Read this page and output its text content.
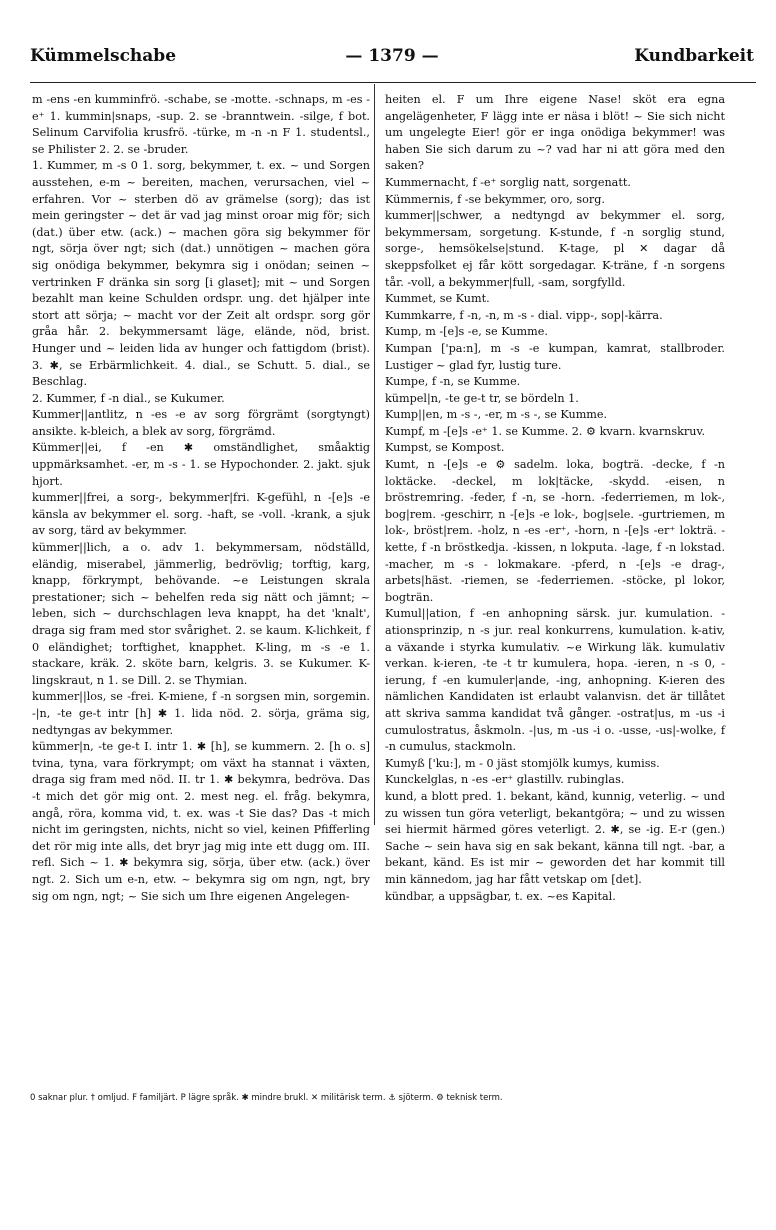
Kümmelschabe	— 1379 —	Kundbarkeit

m -ens -en kumminfrö. -schabe, se -motte. -schnaps, m -es -e⁺ 1. kummin|snaps, -sup. 2. se -branntwein. -silge, f bot. Selinum Carvifolia krusfrö. -türke, m -n -n F 1. studentsl., se Philister 2. 2. se -bruder.

1. Kummer, m -s 0 1. sorg, bekymmer, t. ex. ~ und Sorgen ausstehen, e-m ~ bereiten, machen, verursachen, viel ~ erfahren. Vor ~ sterben dö av grämelse (sorg); das ist mein geringster ~ det är vad jag minst oroar mig för; sich (dat.) über etw. (ack.) ~ machen göra sig bekymmer för ngt, sörja över ngt; sich (dat.) unnötigen ~ machen göra sig onödiga bekymmer, bekymra sig i onödan; seinen ~ vertrinken F dränka sin sorg [i glaset]; mit ~ und Sorgen bezahlt man keine Schulden ordspr. ung. det hjälper inte stort att sörja; ~ macht vor der Zeit alt ordspr. sorg gör gråa hår. 2. bekymmersamt läge, elände, nöd, brist. Hunger und ~ leiden lida av hunger och fattigdom (brist). 3. ✱, se Erbärmlichkeit. 4. dial., se Schutt. 5. dial., se Beschlag.

2. Kummer, f -n dial., se Kukumer.

Kummer||antlitz, n -es -e av sorg förgrämt (sorgtyngt) ansikte. k-bleich, a blek av sorg, förgrämd.

Kümmer||ei, f -en ✱ omständlighet, småaktig uppmärksamhet. -er, m -s - 1. se Hypochonder. 2. jakt. sjuk hjort.

kummer||frei, a sorg-, bekymmer|fri. K-gefühl, n -[e]s -e känsla av bekymmer el. sorg. -haft, se -voll. -krank, a sjuk av sorg, tärd av bekymmer.

kümmer||lich, a o. adv 1. bekymmersam, nödställd, eländig, miserabel, jämmerlig, bedrövlig; torftig, karg, knapp, förkrympt, behövande. ~e Leistungen skrala prestationer; sich ~ behelfen reda sig nätt och jämnt; ~ leben, sich ~ durchschlagen leva knappt, ha det 'knalt', draga sig fram med stor svårighet. 2. se kaum. K-lichkeit, f 0 eländighet; torftighet, knapphet. K-ling, m -s -e 1. stackare, kräk. 2. sköte barn, kelgris. 3. se Kukumer. K-lingskraut, n 1. se Dill. 2. se Thymian.

kummer||los, se -frei. K-miene, f -n sorgsen min, sorgemin. -|n, -te ge-t intr [h] ✱ 1. lida nöd. 2. sörja, gräma sig, nedtyngas av bekymmer.

kümmer|n, -te ge-t I. intr 1. ✱ [h], se kummern. 2. [h o. s] tvina, tyna, vara förkrympt; om växt ha stannat i växten, draga sig fram med nöd. II. tr 1. ✱ bekymra, bedröva. Das -t mich det gör mig ont. 2. mest neg. el. fråg. bekymra, angå, röra, komma vid, t. ex. was -t Sie das? Das -t mich nicht im geringsten, nichts, nicht so viel, keinen Pfifferling det rör mig inte alls, det bryr jag mig inte ett dugg om. III. refl. Sich ~ 1. ✱ bekymra sig, sörja, über etw. (ack.) över ngt. 2. Sich um e-n, etw. ~ bekymra sig om ngn, ngt, bry sig om ngn, ngt; ~ Sie sich um Ihre eigenen Angelegen-

heiten el. F um Ihre eigene Nase! sköt era egna angelägenheter, F lägg inte er näsa i blöt! ~ Sie sich nicht um ungelegte Eier! gör er inga onödiga bekymmer! was haben Sie sich darum zu ~? vad har ni att göra med den saken?

Kummernacht, f -e⁺ sorglig natt, sorgenatt.

Kümmernis, f -se bekymmer, oro, sorg.

kummer||schwer, a nedtyngd av bekymmer el. sorg, bekymmersam, sorgetung. K-stunde, f -n sorglig stund, sorge-, hemsökelse|stund. K-tage, pl ✕ dagar då skeppsfolket ej får kött sorgedagar. K-träne, f -n sorgens tår. -voll, a bekymmer|full, -sam, sorgfylld.

Kummet, se Kumt.

Kummkarre, f -n, -n, m -s - dial. vipp-, sop|-kärra.

Kump, m -[e]s -e, se Kumme.

Kumpan ['pa:n], m -s -e kumpan, kamrat, stallbroder. Lustiger ~ glad fyr, lustig ture.

Kumpe, f -n, se Kumme.

kümpel|n, -te ge-t tr, se bördeln 1.

Kump||en, m -s -, -er, m -s -, se Kumme.

Kumpf, m -[e]s -e⁺ 1. se Kumme. 2. ⚙ kvarn. kvarnskruv.

Kumpst, se Kompost.

Kumt, n -[e]s -e ⚙ sadelm. loka, bogträ. -decke, f -n loktäcke. -deckel, m lok|täcke, -skydd. -eisen, n bröstremring. -feder, f -n, se -horn. -federriemen, m lok-, bog|rem. -geschirr, n -[e]s -e lok-, bog|sele. -gurtriemen, m lok-, bröst|rem. -holz, n -es -er⁺, -horn, n -[e]s -er⁺ lokträ. -kette, f -n bröstkedja. -kissen, n lokputa. -lage, f -n lokstad. -macher, m -s - lokmakare. -pferd, n -[e]s -e drag-, arbets|häst. -riemen, se -federriemen. -stöcke, pl lokor, bogträn.

Kumul||ation, f -en anhopning särsk. jur. kumulation. -ationsprinzip, n -s jur. real konkurrens, kumulation. k-ativ, a växande i styrka kumulativ. ~e Wirkung läk. kumulativ verkan. k-ieren, -te -t tr kumulera, hopa. -ieren, n -s 0, -ierung, f -en kumuler|ande, -ing, anhopning. K-ieren des nämlichen Kandidaten ist erlaubt valanvisn. det är tillåtet att skriva samma kandidat två gånger. -ostrat|us, m -us -i cumulostratus, åskmoln. -|us, m -us -i o. -usse, -us|-wolke, f -n cumulus, stackmoln.

Kumyß ['ku:], m - 0 jäst stomjölk kumys, kumiss.

Kunckelglas, n -es -er⁺ glastillv. rubinglas.

kund, a blott pred. 1. bekant, känd, kunnig, veterlig. ~ und zu wissen tun göra veterligt, bekantgöra; ~ und zu wissen sei hiermit härmed göres veterligt. 2. ✱, se -ig. E-r (gen.) Sache ~ sein hava sig en sak bekant, känna till ngt. -bar, a bekant, känd. Es ist mir ~ geworden det har kommit till min kännedom, jag har fått vetskap om [det].

kündbar, a uppsägbar, t. ex. ~es Kapital.

0 saknar plur. † omljud. F familjärt. P lägre språk. ✱ mindre brukl. ✕ militärisk term. ⚓ sjöterm. ⚙ teknisk term.
